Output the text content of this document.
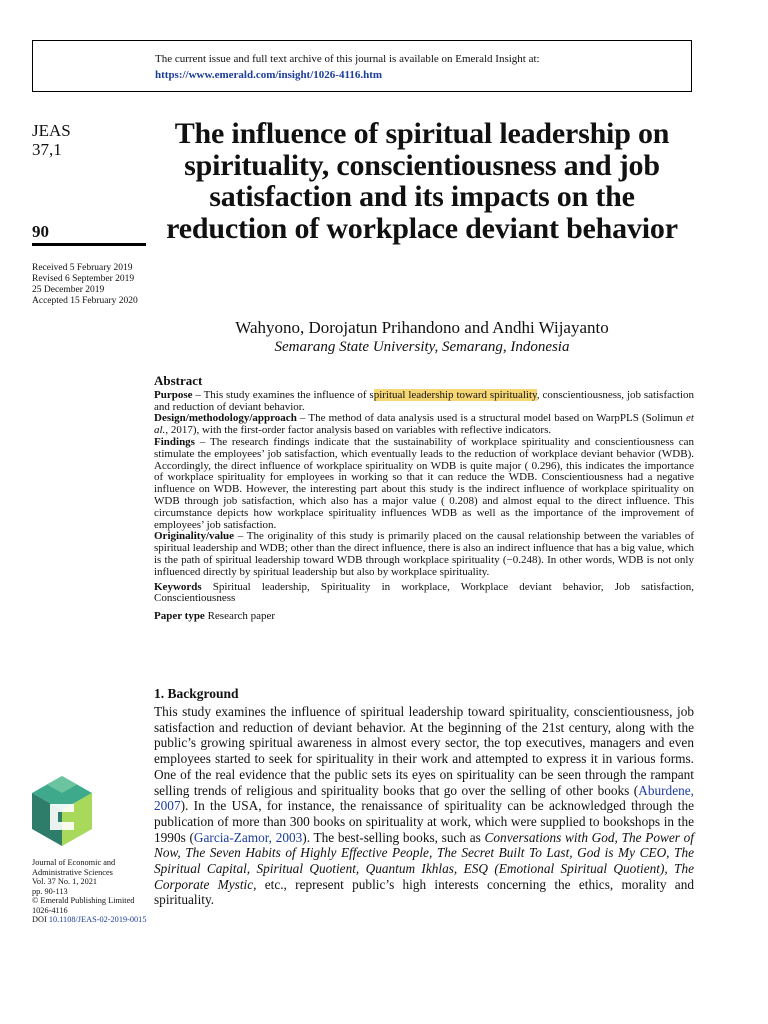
The current issue and full text archive of this journal is available on Emerald Insight at:
https://www.emerald.com/insight/1026-4116.htm
JEAS
37,1
90
Received 5 February 2019
Revised 6 September 2019
25 December 2019
Accepted 15 February 2020
The influence of spiritual leadership on spirituality, conscientiousness and job satisfaction and its impacts on the reduction of workplace deviant behavior
Wahyono, Dorojatun Prihandono and Andhi Wijayanto
Semarang State University, Semarang, Indonesia
Abstract

Purpose – This study examines the influence of spiritual leadership toward spirituality, conscientiousness, job satisfaction and reduction of deviant behavior.

Design/methodology/approach – The method of data analysis used is a structural model based on WarpPLS (Solimun et al., 2017), with the first-order factor analysis based on variables with reflective indicators.

Findings – The research findings indicate that the sustainability of workplace spirituality and conscientiousness can stimulate the employees’ job satisfaction, which eventually leads to the reduction of workplace deviant behavior (WDB). Accordingly, the direct influence of workplace spirituality on WDB is quite major ( 0.296), this indicates the importance of workplace spirituality for employees in working so that it can reduce the WDB. Conscientiousness had a negative influence on WDB. However, the interesting part about this study is the indirect influence of workplace spirituality on WDB through job satisfaction, which also has a major value ( 0.208) and almost equal to the direct influence. This circumstance depicts how workplace spirituality influences WDB as well as the importance of the improvement of employees’ job satisfaction.

Originality/value – The originality of this study is primarily placed on the causal relationship between the variables of spiritual leadership and WDB; other than the direct influence, there is also an indirect influence that has a big value, which is the path of spiritual leadership toward WDB through workplace spirituality (−0.248). In other words, WDB is not only influenced directly by spiritual leadership but also by workplace spirituality.

Keywords Spiritual leadership, Spirituality in workplace, Workplace deviant behavior, Job satisfaction, Conscientiousness

Paper type Research paper

1. Background

This study examines the influence of spiritual leadership toward spirituality, conscientiousness, job satisfaction and reduction of deviant behavior. At the beginning of the 21st century, along with the public’s growing spiritual awareness in almost every sector, the top executives, managers and even employees started to seek for spirituality in their work and attempted to express it in various forms. One of the real evidence that the public sets its eyes on spirituality can be seen through the rampant selling trends of religious and spirituality books that go over the selling of other books (Aburdene, 2007). In the USA, for instance, the renaissance of spirituality can be acknowledged through the publication of more than 300 books on spirituality at work, which were supplied to bookshops in the 1990s (Garcia-Zamor, 2003). The best-selling books, such as Conversations with God, The Power of Now, The Seven Habits of Highly Effective People, The Secret Built To Last, God is My CEO, The Spiritual Capital, Spiritual Quotient, Quantum Ikhlas, ESQ (Emotional Spiritual Quotient), The Corporate Mystic, etc., represent public’s high interests concerning the ethics, morality and spirituality.

Journal of Economic and
Administrative Sciences
Vol. 37 No. 1, 2021
pp. 90-113
© Emerald Publishing Limited
1026-4116
DOI 10.1108/JEAS-02-2019-0015
